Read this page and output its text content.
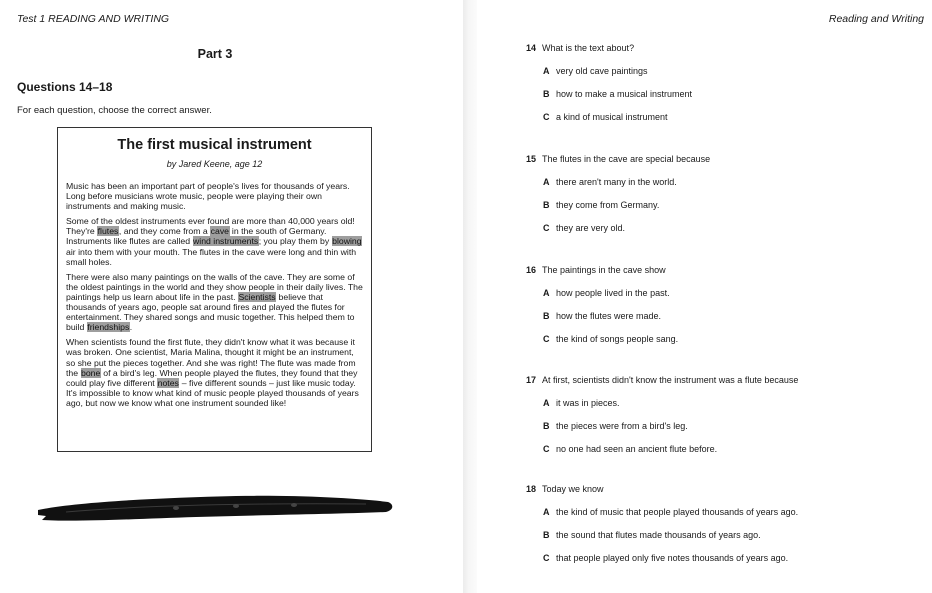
Test 1 READING AND WRITING
Part 3
Questions 14–18
For each question, choose the correct answer.
The first musical instrument
by Jared Keene, age 12

Music has been an important part of people's lives for thousands of years. Long before musicians wrote music, people were playing their own instruments and making music.

Some of the oldest instruments ever found are more than 40,000 years old! They're flutes, and they come from a cave in the south of Germany. Instruments like flutes are called wind instruments; you play them by blowing air into them with your mouth. The flutes in the cave were long and thin with small holes.

There were also many paintings on the walls of the cave. They are some of the oldest paintings in the world and they show people in their daily lives. The paintings help us learn about life in the past. Scientists believe that thousands of years ago, people sat around fires and played the flutes for entertainment. They shared songs and music together. This helped them to build friendships.

When scientists found the first flute, they didn't know what it was because it was broken. One scientist, Maria Malina, thought it might be an instrument, so she put the pieces together. And she was right! The flute was made from the bone of a bird's leg. When people played the flutes, they found that they could play five different notes – five different sounds – just like music today. It's impossible to know what kind of music people played thousands of years ago, but now we know what one instrument sounded like!

Reading and Writing
14 What is the text about?
A very old cave paintings
B how to make a musical instrument
C a kind of musical instrument
15 The flutes in the cave are special because
A there aren't many in the world.
B they come from Germany.
C they are very old.
16 The paintings in the cave show
A how people lived in the past.
B how the flutes were made.
C the kind of songs people sang.
17 At first, scientists didn't know the instrument was a flute because
A it was in pieces.
B the pieces were from a bird's leg.
C no one had seen an ancient flute before.
18 Today we know
A the kind of music that people played thousands of years ago.
B the sound that flutes made thousands of years ago.
C that people played only five notes thousands of years ago.
